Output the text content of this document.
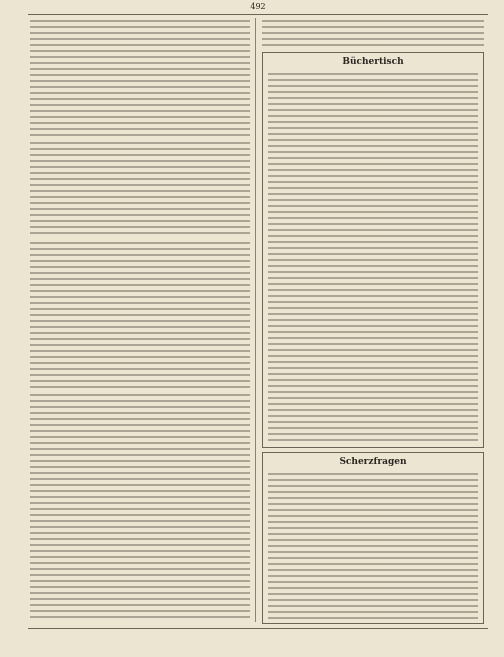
492
Büchertisch
Scherzfragen
